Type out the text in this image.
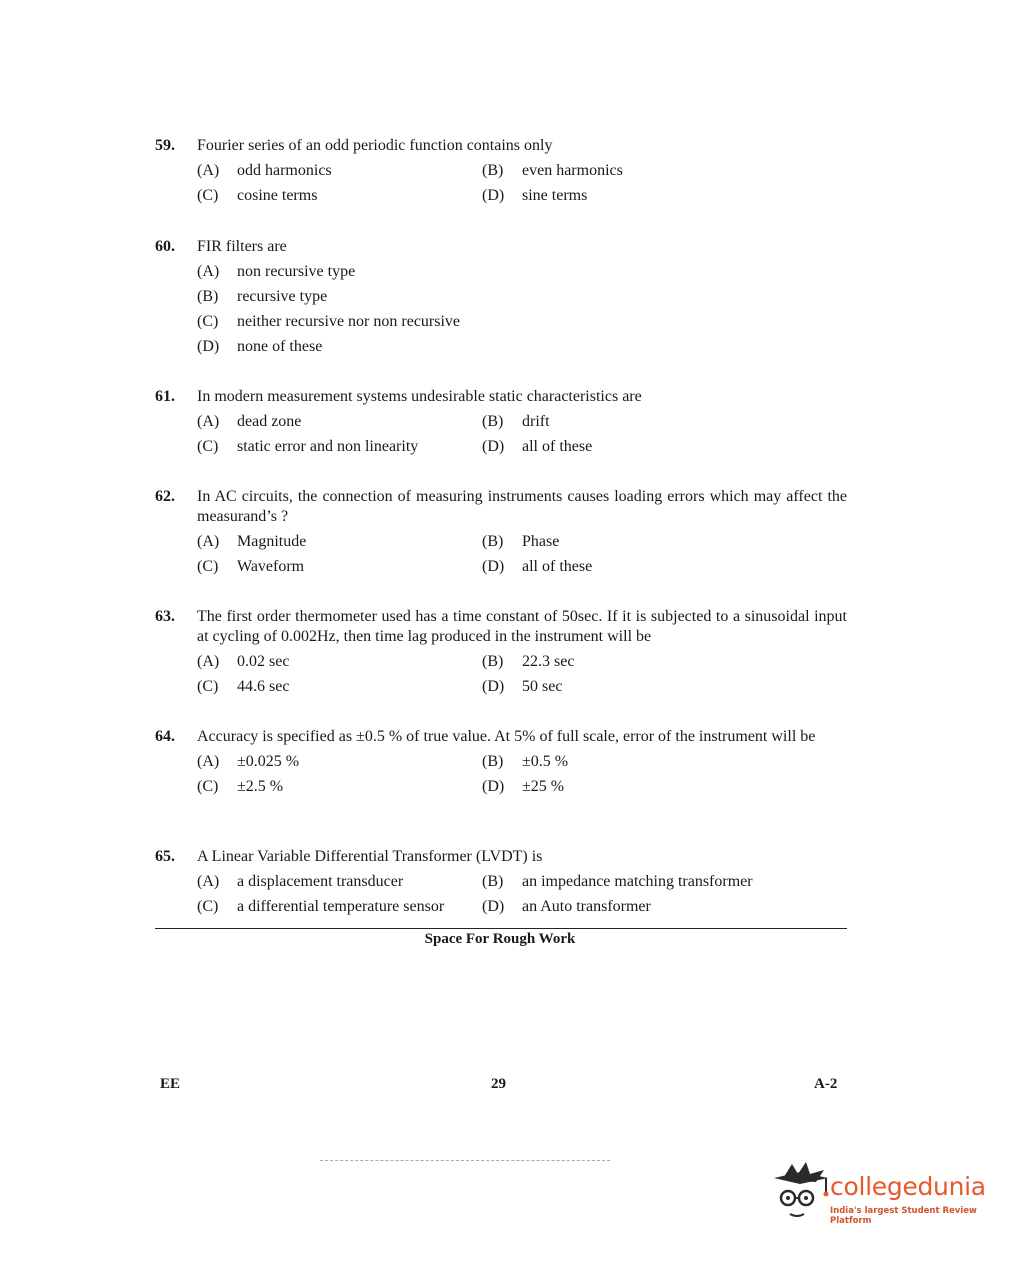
59. Fourier series of an odd periodic function contains only
(A) odd harmonics	(B) even harmonics
(C) cosine terms	(D) sine terms
60. FIR filters are
(A) non recursive type
(B) recursive type
(C) neither recursive nor non recursive
(D) none of these
61. In modern measurement systems undesirable static characteristics are
(A) dead zone	(B) drift
(C) static error and non linearity	(D) all of these
62. In AC circuits, the connection of measuring instruments causes loading errors which may affect the measurand’s ?
(A) Magnitude	(B) Phase
(C) Waveform	(D) all of these
63. The first order thermometer used has a time constant of 50sec. If it is subjected to a sinusoidal input at cycling of 0.002Hz, then time lag produced in the instrument will be
(A) 0.02 sec	(B) 22.3 sec
(C) 44.6 sec	(D) 50 sec
64. Accuracy is specified as ±0.5 % of true value. At 5% of full scale, error of the instrument will be
(A) ±0.025 %	(B) ±0.5 %
(C) ±2.5 %	(D) ±25 %
65. A Linear Variable Differential Transformer (LVDT) is
(A) a displacement transducer	(B) an impedance matching transformer
(C) a differential temperature sensor (D) an Auto transformer
Space For Rough Work
EE	29	A-2
collegedunia
India's largest Student Review Platform
